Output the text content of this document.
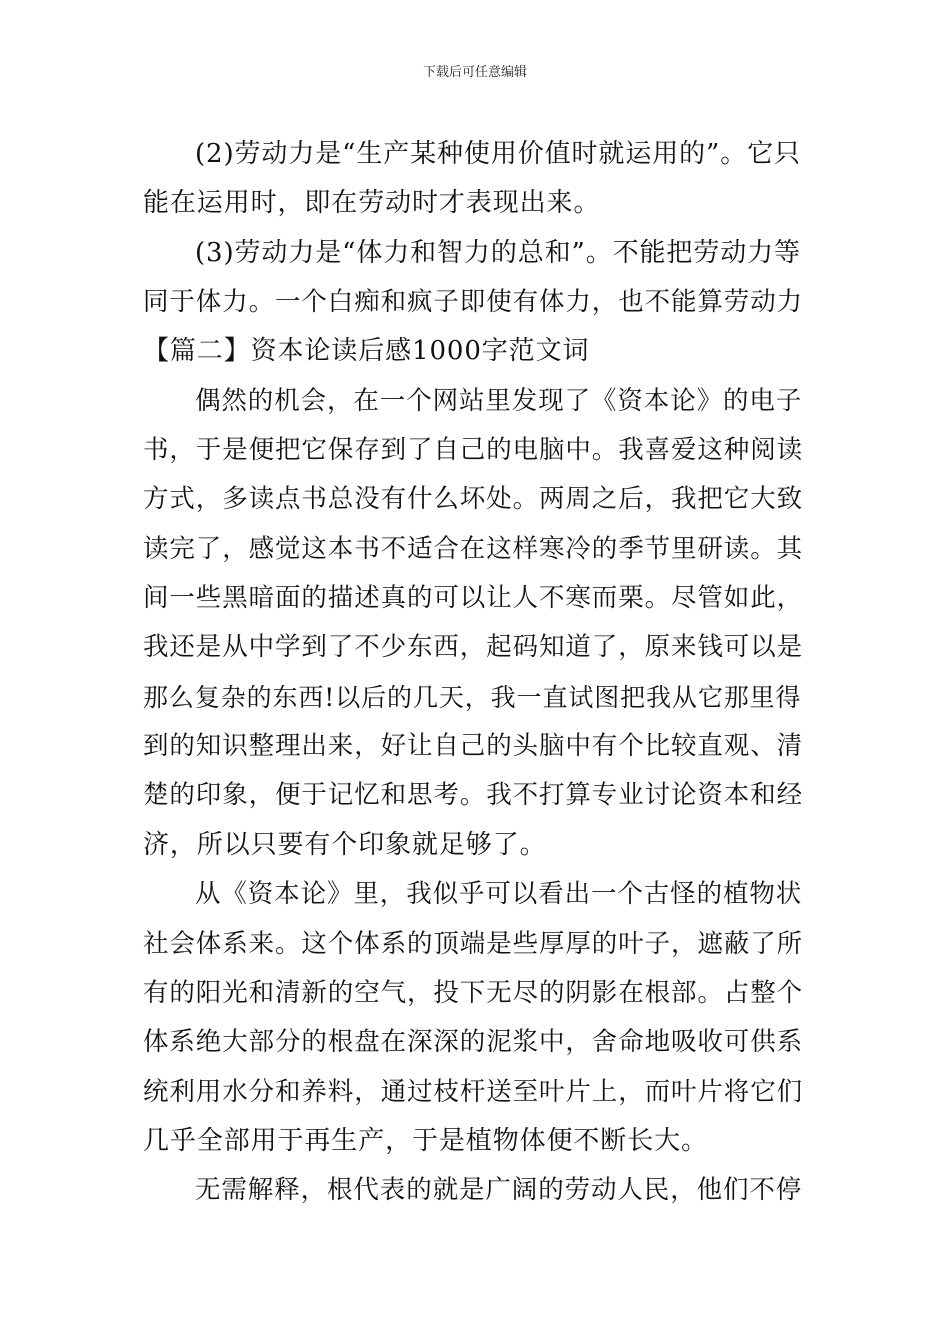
下载后可任意编辑
(2)劳动力是“生产某种使用价值时就运用的”。它只
能在运用时，即在劳动时才表现出来。
(3)劳动力是“体力和智力的总和”。不能把劳动力等
同于体力。一个白痴和疯子即使有体力，也不能算劳动力
【篇二】资本论读后感1000字范文词
偶然的机会，在一个网站里发现了《资本论》的电子
书，于是便把它保存到了自己的电脑中。我喜爱这种阅读
方式，多读点书总没有什么坏处。两周之后，我把它大致
读完了，感觉这本书不适合在这样寒冷的季节里研读。其
间一些黑暗面的描述真的可以让人不寒而栗。尽管如此，
我还是从中学到了不少东西，起码知道了，原来钱可以是
那么复杂的东西!以后的几天，我一直试图把我从它那里得
到的知识整理出来，好让自己的头脑中有个比较直观、清
楚的印象，便于记忆和思考。我不打算专业讨论资本和经
济，所以只要有个印象就足够了。
从《资本论》里，我似乎可以看出一个古怪的植物状
社会体系来。这个体系的顶端是些厚厚的叶子，遮蔽了所
有的阳光和清新的空气，投下无尽的阴影在根部。占整个
体系绝大部分的根盘在深深的泥浆中，舍命地吸收可供系
统利用水分和养料，通过枝杆送至叶片上，而叶片将它们
几乎全部用于再生产，于是植物体便不断长大。
无需解释，根代表的就是广阔的劳动人民，他们不停
